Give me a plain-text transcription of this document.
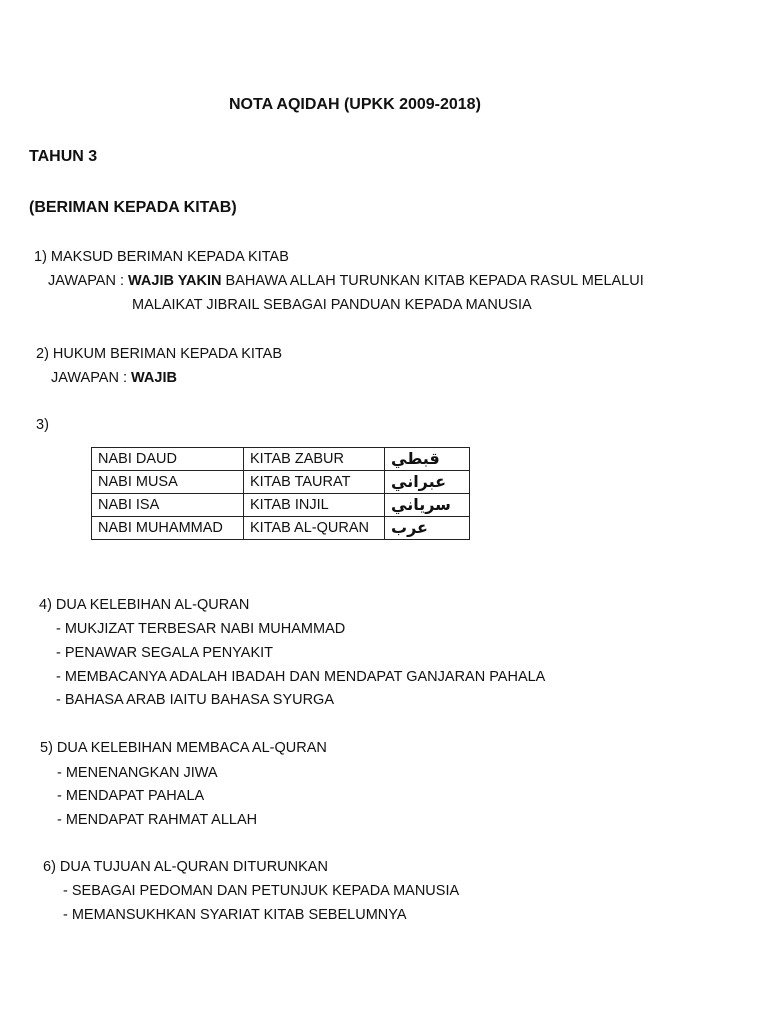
NOTA AQIDAH (UPKK 2009-2018)
TAHUN 3
(BERIMAN KEPADA KITAB)
1) MAKSUD BERIMAN KEPADA KITAB
JAWAPAN : WAJIB YAKIN BAHAWA ALLAH TURUNKAN KITAB KEPADA RASUL MELALUI
MALAIKAT JIBRAIL SEBAGAI PANDUAN KEPADA MANUSIA
2) HUKUM BERIMAN KEPADA KITAB
JAWAPAN : WAJIB
3)
NABI DAUD	KITAB ZABUR	قبطي
NABI MUSA	KITAB TAURAT	عبراني
NABI ISA	KITAB INJIL	سرياني
NABI MUHAMMAD	KITAB AL-QURAN	عرب
4) DUA KELEBIHAN AL-QURAN
- MUKJIZAT TERBESAR NABI MUHAMMAD
- PENAWAR SEGALA PENYAKIT
- MEMBACANYA ADALAH IBADAH DAN MENDAPAT GANJARAN PAHALA
- BAHASA ARAB IAITU BAHASA SYURGA
5) DUA KELEBIHAN MEMBACA AL-QURAN
- MENENANGKAN JIWA
- MENDAPAT PAHALA
- MENDAPAT RAHMAT ALLAH
6) DUA TUJUAN AL-QURAN DITURUNKAN
- SEBAGAI PEDOMAN DAN PETUNJUK KEPADA MANUSIA
- MEMANSUKHKAN SYARIAT KITAB SEBELUMNYA
